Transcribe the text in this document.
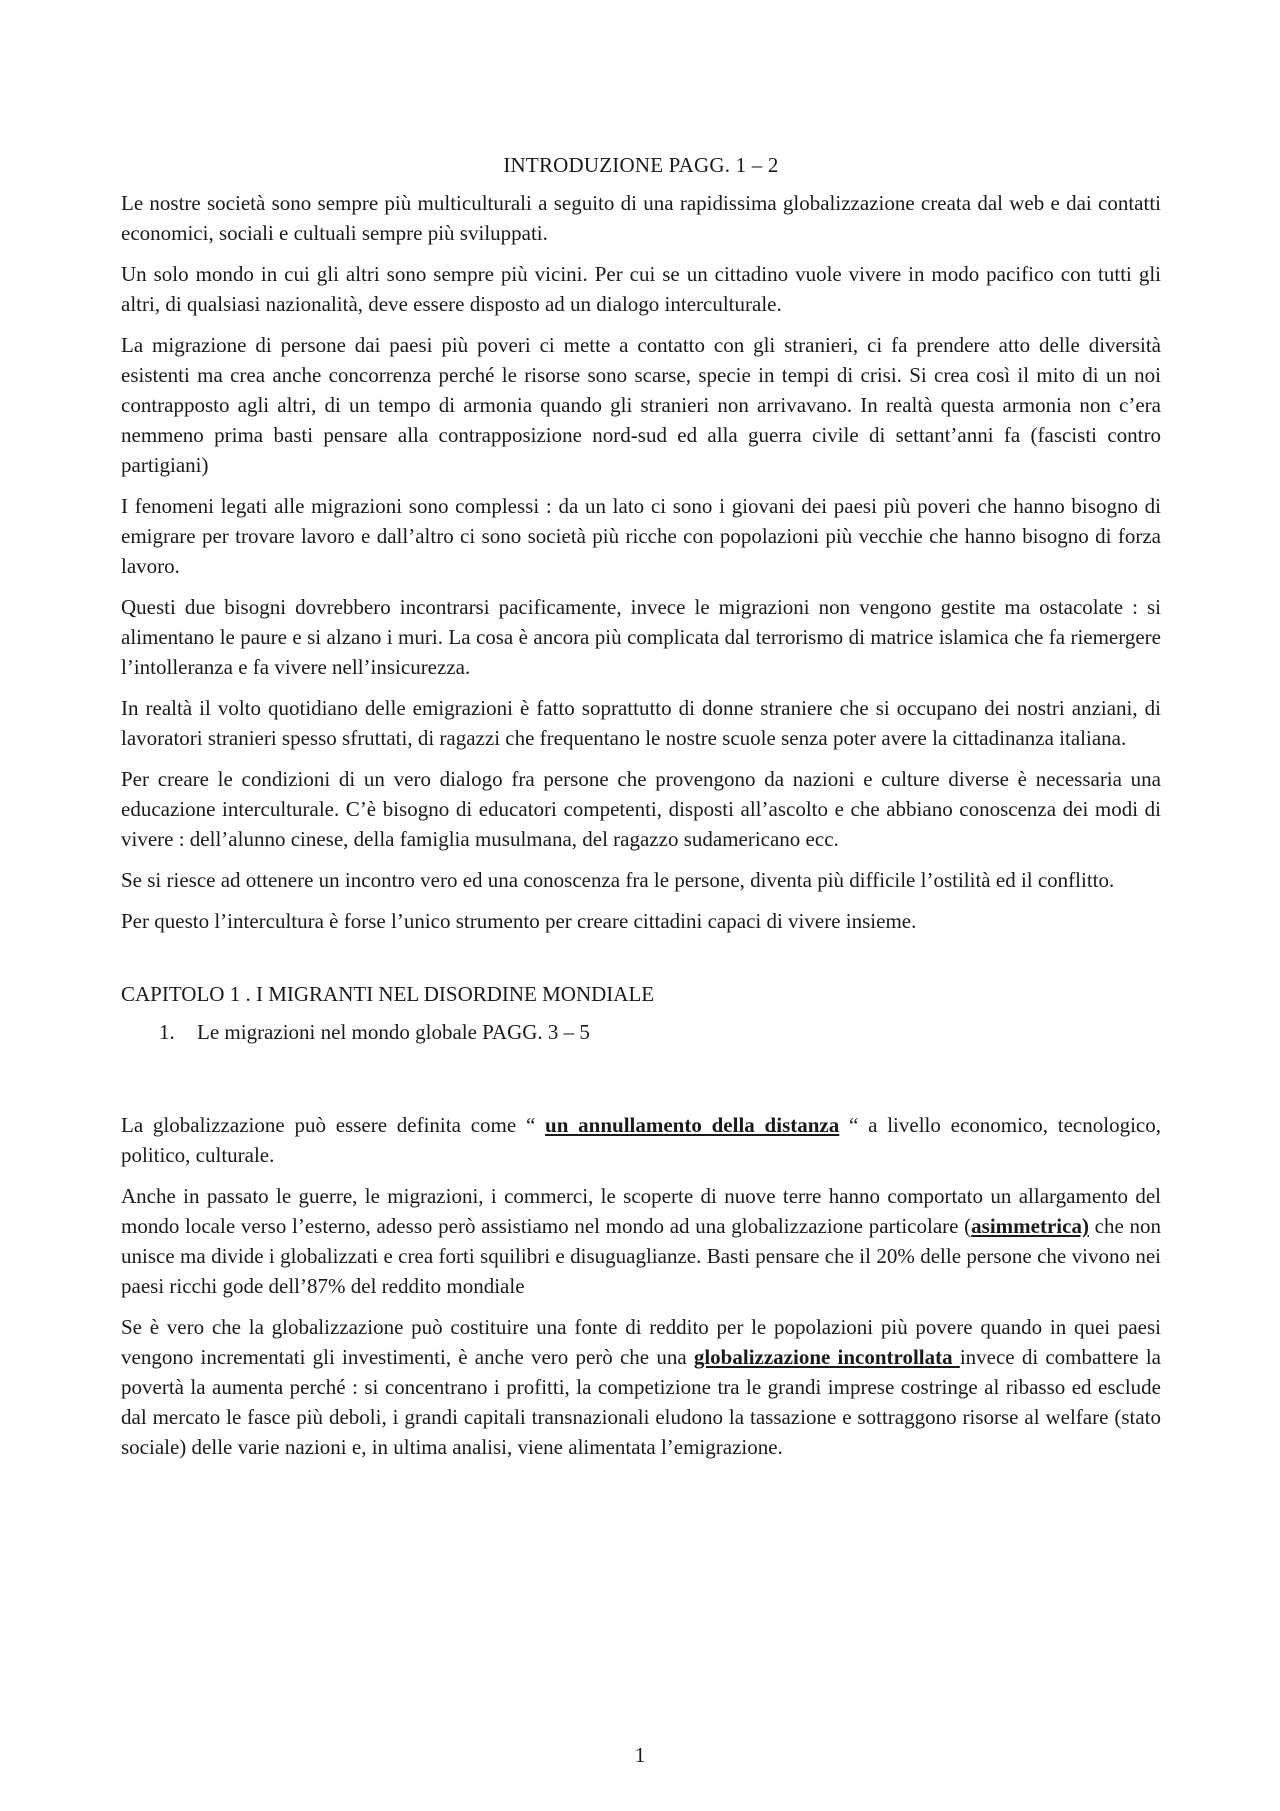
INTRODUZIONE PAGG. 1 – 2

Le nostre società sono sempre più multiculturali a seguito di una rapidissima globalizzazione creata dal web e dai contatti economici, sociali e cultuali sempre più sviluppati.

Un solo mondo in cui gli altri sono sempre più vicini. Per cui se un cittadino vuole vivere in modo pacifico con tutti gli altri, di qualsiasi nazionalità, deve essere disposto ad un dialogo interculturale.

La migrazione di persone dai paesi più poveri ci mette a contatto con gli stranieri, ci fa prendere atto delle diversità esistenti ma crea anche concorrenza perché le risorse sono scarse, specie in tempi di crisi. Si crea così il mito di un noi contrapposto agli altri, di un tempo di armonia quando gli stranieri non arrivavano. In realtà questa armonia non c’era nemmeno prima basti pensare alla contrapposizione nord-sud ed alla guerra civile di settant’anni fa (fascisti contro partigiani)

I fenomeni legati alle migrazioni sono complessi : da un lato ci sono i giovani dei paesi più poveri che hanno bisogno di emigrare per trovare lavoro e dall’altro ci sono società più ricche con popolazioni più vecchie che hanno bisogno di forza lavoro.

Questi due bisogni dovrebbero incontrarsi pacificamente, invece le migrazioni non vengono gestite ma ostacolate : si alimentano le paure e si alzano i muri. La cosa è ancora più complicata dal terrorismo di matrice islamica che fa riemergere l’intolleranza e fa vivere nell’insicurezza.

In realtà il volto quotidiano delle emigrazioni è fatto soprattutto di donne straniere che si occupano dei nostri anziani, di lavoratori stranieri spesso sfruttati, di ragazzi che frequentano le nostre scuole senza poter avere la cittadinanza italiana.

Per creare le condizioni di un vero dialogo fra persone che provengono da nazioni e culture diverse è necessaria una educazione interculturale. C’è bisogno di educatori competenti, disposti all’ascolto e che abbiano conoscenza dei modi di vivere : dell’alunno cinese, della famiglia musulmana, del ragazzo sudamericano ecc.

Se si riesce ad ottenere un incontro vero ed una conoscenza fra le persone, diventa più difficile l’ostilità ed il conflitto.

Per questo l’intercultura è forse l’unico strumento per creare cittadini capaci di vivere insieme.

CAPITOLO 1 . I MIGRANTI NEL DISORDINE MONDIALE
1. Le migrazioni nel mondo globale PAGG. 3 – 5

La globalizzazione può essere definita come “ un annullamento della distanza “ a livello economico, tecnologico, politico, culturale.

Anche in passato le guerre, le migrazioni, i commerci, le scoperte di nuove terre hanno comportato un allargamento del mondo locale verso l’esterno, adesso però assistiamo nel mondo ad una globalizzazione particolare (asimmetrica) che non unisce ma divide i globalizzati e crea forti squilibri e disuguaglianze. Basti pensare che il 20% delle persone che vivono nei paesi ricchi gode dell’87% del reddito mondiale

Se è vero che la globalizzazione può costituire una fonte di reddito per le popolazioni più povere quando in quei paesi vengono incrementati gli investimenti, è anche vero però che una globalizzazione incontrollata invece di combattere la povertà la aumenta perché : si concentrano i profitti, la competizione tra le grandi imprese costringe al ribasso ed esclude dal mercato le fasce più deboli, i grandi capitali transnazionali eludono la tassazione e sottraggono risorse al welfare (stato sociale) delle varie nazioni e, in ultima analisi, viene alimentata l’emigrazione.

1
